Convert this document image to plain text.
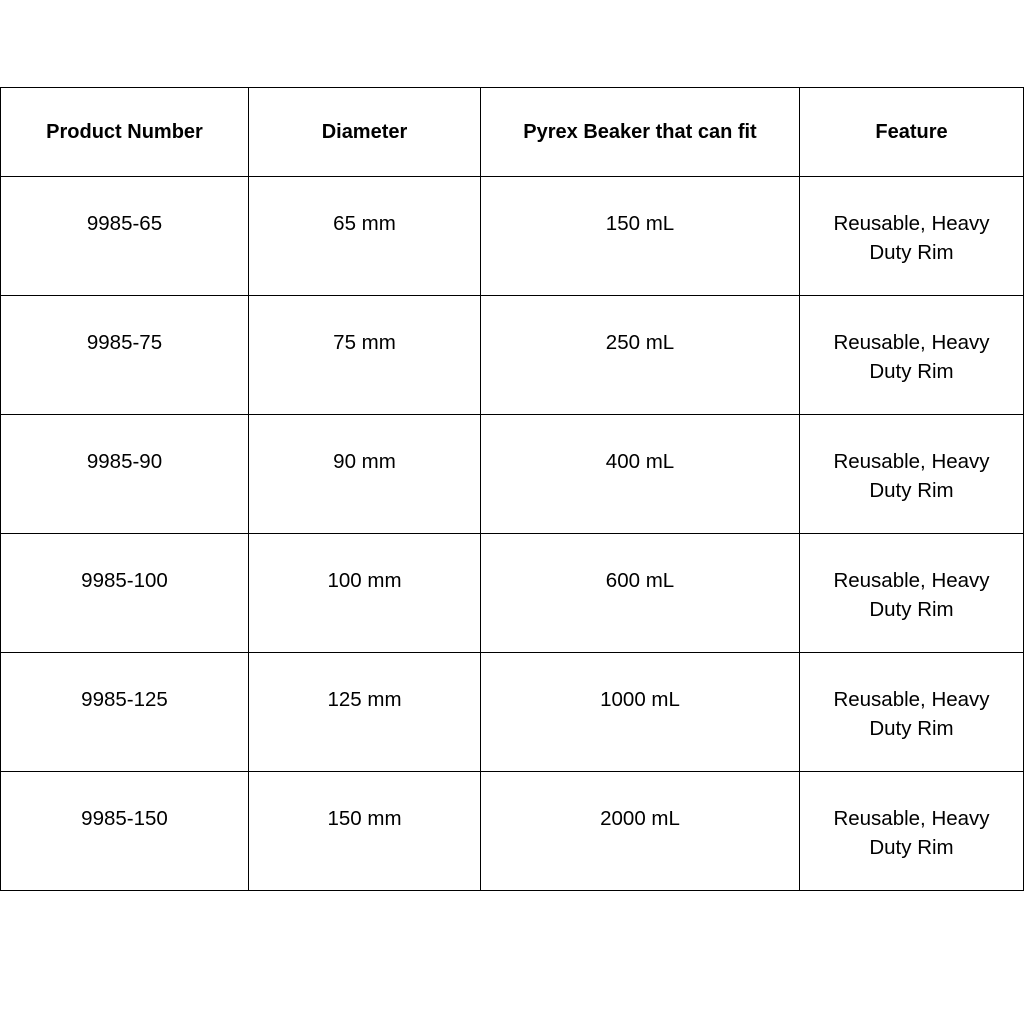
Product Number	Diameter	Pyrex Beaker that can fit	Feature
9985-65	65 mm	150 mL	Reusable, Heavy Duty Rim
9985-75	75 mm	250 mL	Reusable, Heavy Duty Rim
9985-90	90 mm	400 mL	Reusable, Heavy Duty Rim
9985-100	100 mm	600 mL	Reusable, Heavy Duty Rim
9985-125	125 mm	1000 mL	Reusable, Heavy Duty Rim
9985-150	150 mm	2000 mL	Reusable, Heavy Duty Rim
